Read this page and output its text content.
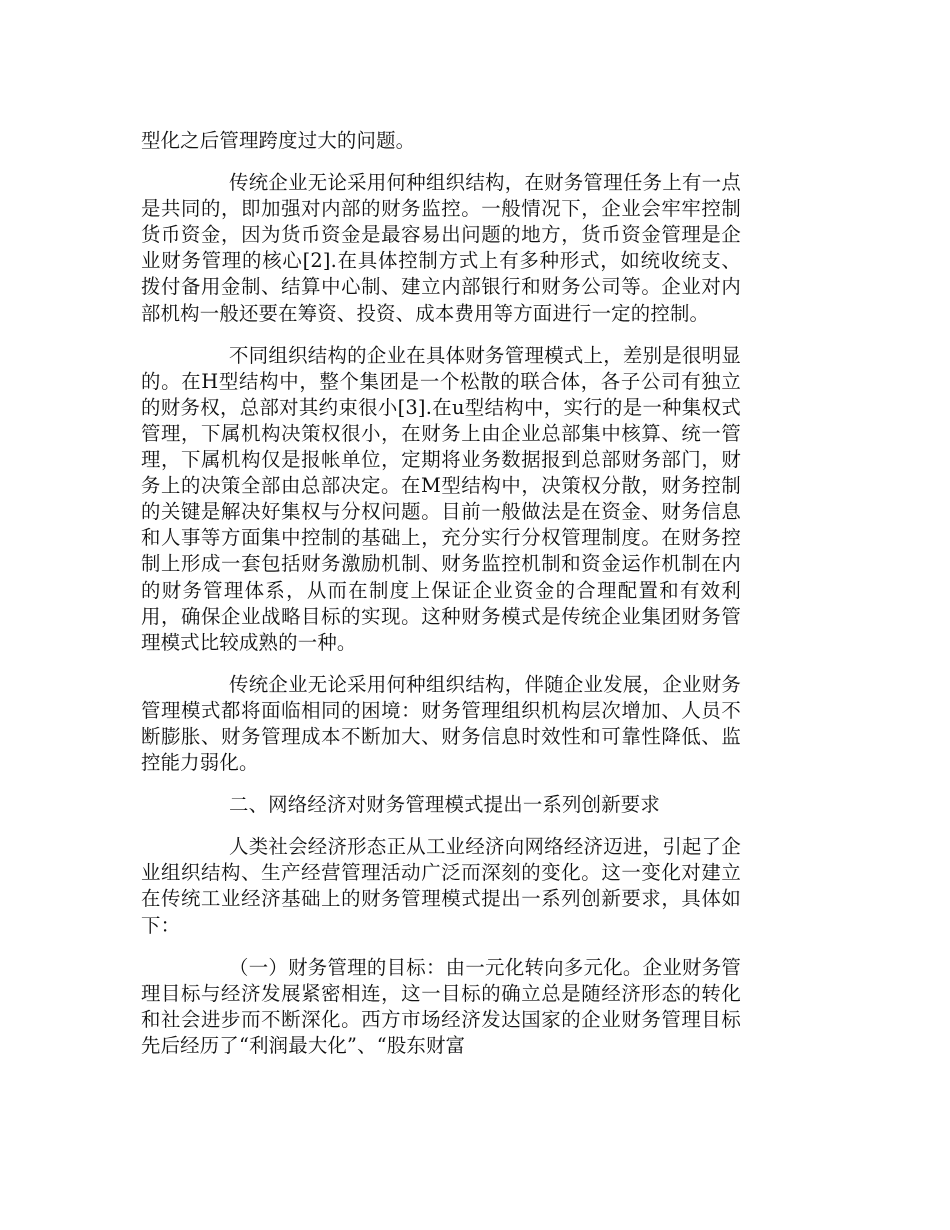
型化之后管理跨度过大的问题。

传统企业无论采用何种组织结构，在财务管理任务上有一点是共同的，即加强对内部的财务监控。一般情况下，企业会牢牢控制货币资金，因为货币资金是最容易出问题的地方，货币资金管理是企业财务管理的核心[2].在具体控制方式上有多种形式，如统收统支、拨付备用金制、结算中心制、建立内部银行和财务公司等。企业对内部机构一般还要在筹资、投资、成本费用等方面进行一定的控制。

不同组织结构的企业在具体财务管理模式上，差别是很明显的。在H型结构中，整个集团是一个松散的联合体，各子公司有独立的财务权，总部对其约束很小[3].在u型结构中，实行的是一种集权式管理，下属机构决策权很小，在财务上由企业总部集中核算、统一管理，下属机构仅是报帐单位，定期将业务数据报到总部财务部门，财务上的决策全部由总部决定。在M型结构中，决策权分散，财务控制的关键是解决好集权与分权问题。目前一般做法是在资金、财务信息和人事等方面集中控制的基础上，充分实行分权管理制度。在财务控制上形成一套包括财务激励机制、财务监控机制和资金运作机制在内的财务管理体系，从而在制度上保证企业资金的合理配置和有效利用，确保企业战略目标的实现。这种财务模式是传统企业集团财务管理模式比较成熟的一种。

传统企业无论采用何种组织结构，伴随企业发展，企业财务管理模式都将面临相同的困境：财务管理组织机构层次增加、人员不断膨胀、财务管理成本不断加大、财务信息时效性和可靠性降低、监控能力弱化。

二、网络经济对财务管理模式提出一系列创新要求

人类社会经济形态正从工业经济向网络经济迈进，引起了企业组织结构、生产经营管理活动广泛而深刻的变化。这一变化对建立在传统工业经济基础上的财务管理模式提出一系列创新要求，具体如下：

（一）财务管理的目标：由一元化转向多元化。企业财务管理目标与经济发展紧密相连，这一目标的确立总是随经济形态的转化和社会进步而不断深化。西方市场经济发达国家的企业财务管理目标先后经历了“利润最大化”、“股东财富
